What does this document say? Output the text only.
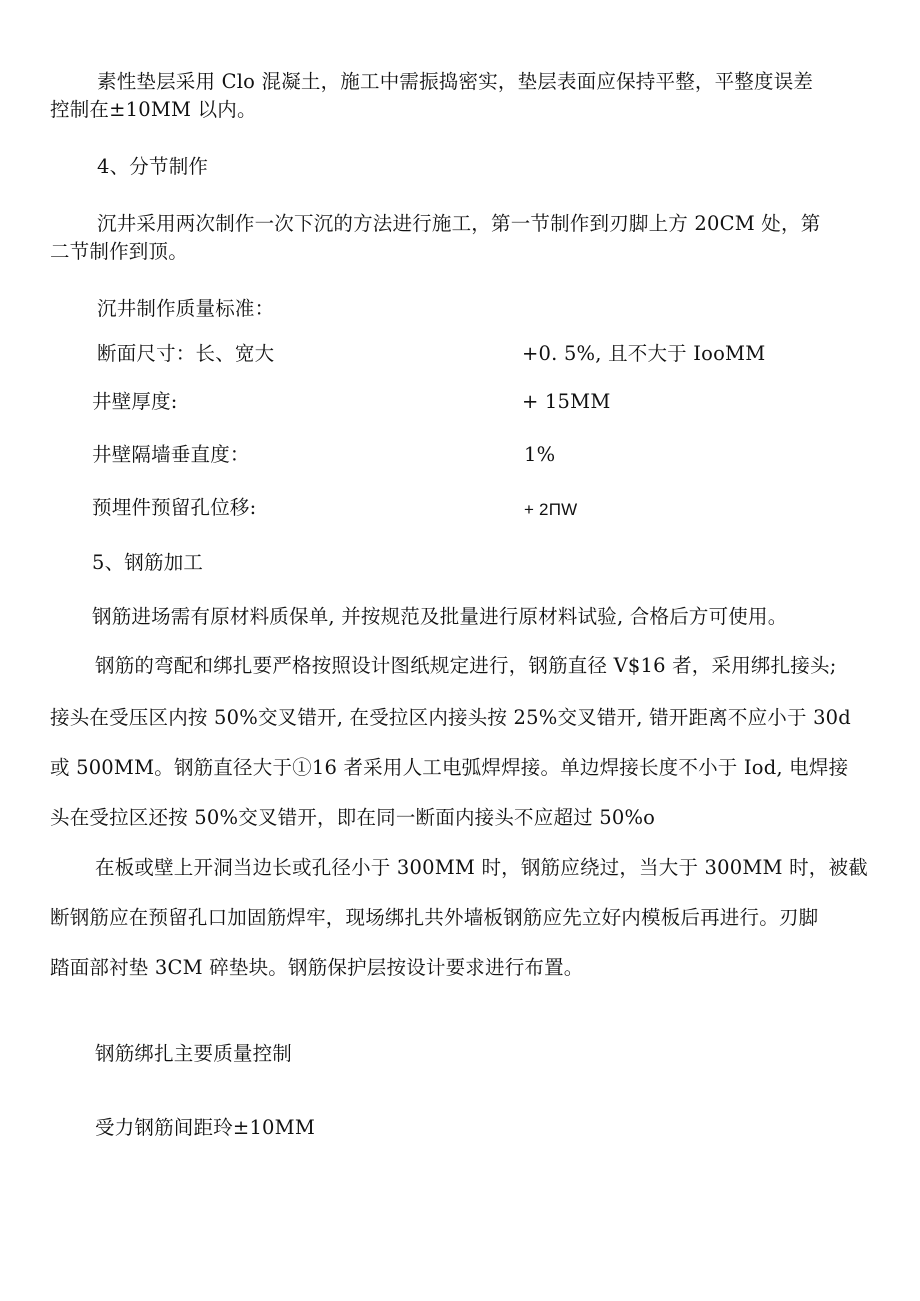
素性垫层采用 Clo 混凝土，施工中需振捣密实，垫层表面应保持平整，平整度误差
控制在±10MM 以内。
4、分节制作
沉井采用两次制作一次下沉的方法进行施工，第一节制作到刃脚上方 20CM 处，第
二节制作到顶。
沉井制作质量标准：
断面尺寸：长、宽大	+0. 5%, 且不大于 IooMM
井壁厚度:	+ 15MM
井壁隔墙垂直度：	1%
预埋件预留孔位移:	+ 2ΠW
5、钢筋加工
钢筋进场需有原材料质保单, 并按规范及批量进行原材料试验, 合格后方可使用。
钢筋的弯配和绑扎要严格按照设计图纸规定进行，钢筋直径 V$16 者，采用绑扎接头;
接头在受压区内按 50%交叉错开, 在受拉区内接头按 25%交叉错开, 错开距离不应小于 30d
或 500MM。钢筋直径大于①16 者采用人工电弧焊焊接。单边焊接长度不小于 Iod, 电焊接
头在受拉区还按 50%交叉错开，即在同一断面内接头不应超过 50%o
在板或壁上开洞当边长或孔径小于 300MM 时，钢筋应绕过，当大于 300MM 时，被截
断钢筋应在预留孔口加固筋焊牢，现场绑扎共外墙板钢筋应先立好内模板后再进行。刃脚
踏面部衬垫 3CM 碎垫块。钢筋保护层按设计要求进行布置。
钢筋绑扎主要质量控制
受力钢筋间距玲±10MM
